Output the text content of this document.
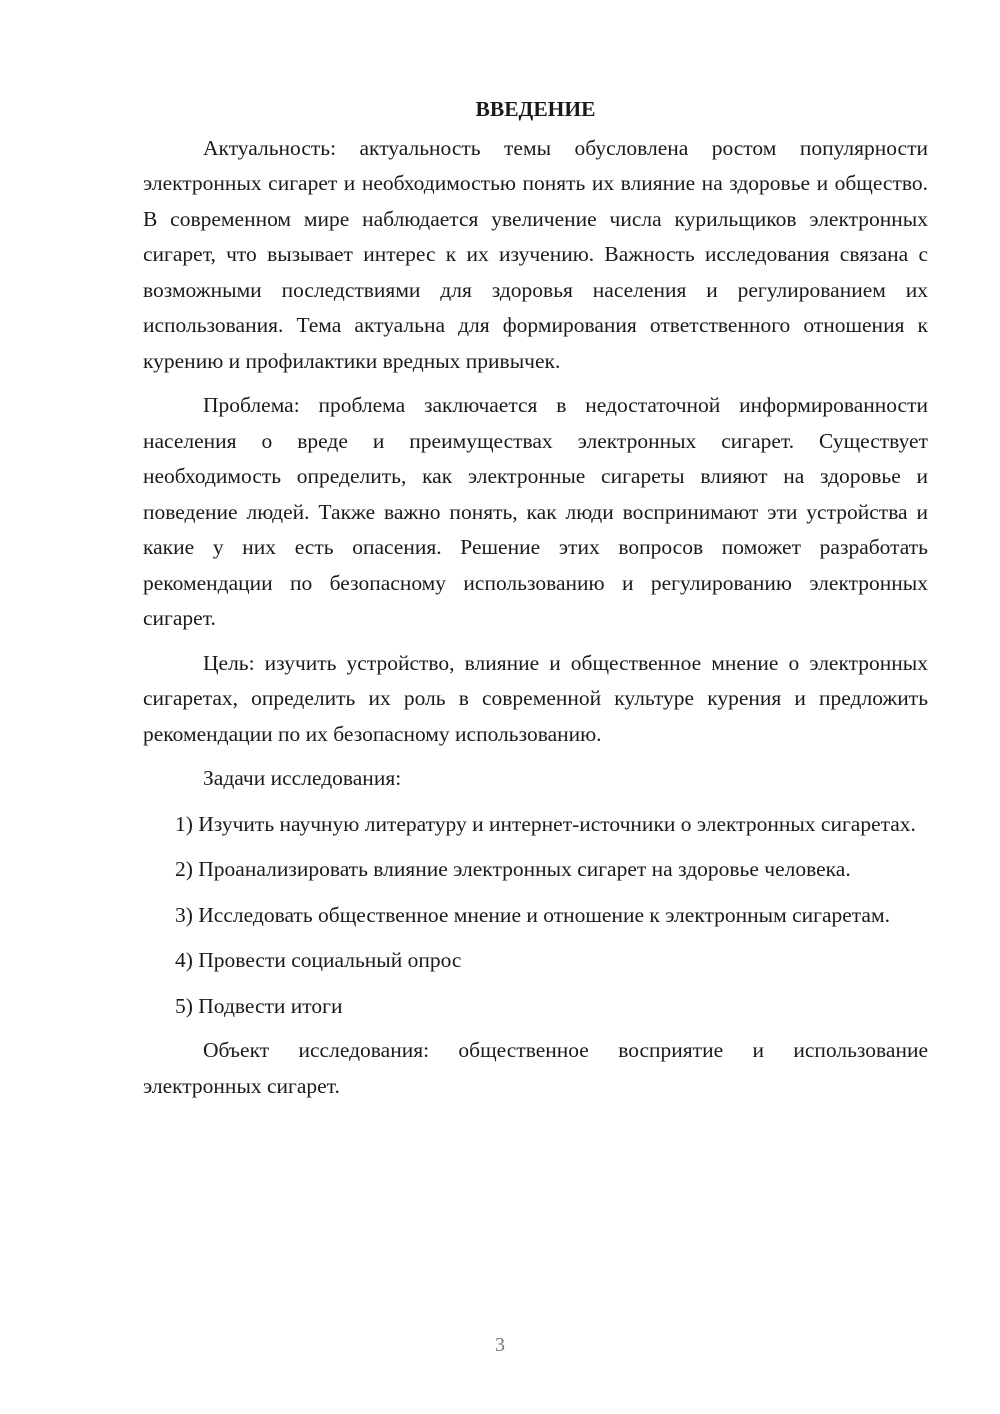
ВВЕДЕНИЕ

Актуальность: актуальность темы обусловлена ростом популярности электронных сигарет и необходимостью понять их влияние на здоровье и общество. В современном мире наблюдается увеличение числа курильщиков электронных сигарет, что вызывает интерес к их изучению. Важность исследования связана с возможными последствиями для здоровья населения и регулированием их использования. Тема актуальна для формирования ответственного отношения к курению и профилактики вредных привычек.

Проблема: проблема заключается в недостаточной информированности населения о вреде и преимуществах электронных сигарет. Существует необходимость определить, как электронные сигареты влияют на здоровье и поведение людей. Также важно понять, как люди воспринимают эти устройства и какие у них есть опасения. Решение этих вопросов поможет разработать рекомендации по безопасному использованию и регулированию электронных сигарет.

Цель: изучить устройство, влияние и общественное мнение о электронных сигаретах, определить их роль в современной культуре курения и предложить рекомендации по их безопасному использованию.

Задачи исследования:

1) Изучить научную литературу и интернет-источники о электронных сигаретах.

2) Проанализировать влияние электронных сигарет на здоровье человека.

3) Исследовать общественное мнение и отношение к электронным сигаретам.

4) Провести социальный опрос

5) Подвести итоги

Объект исследования: общественное восприятие и использование электронных сигарет.

3
